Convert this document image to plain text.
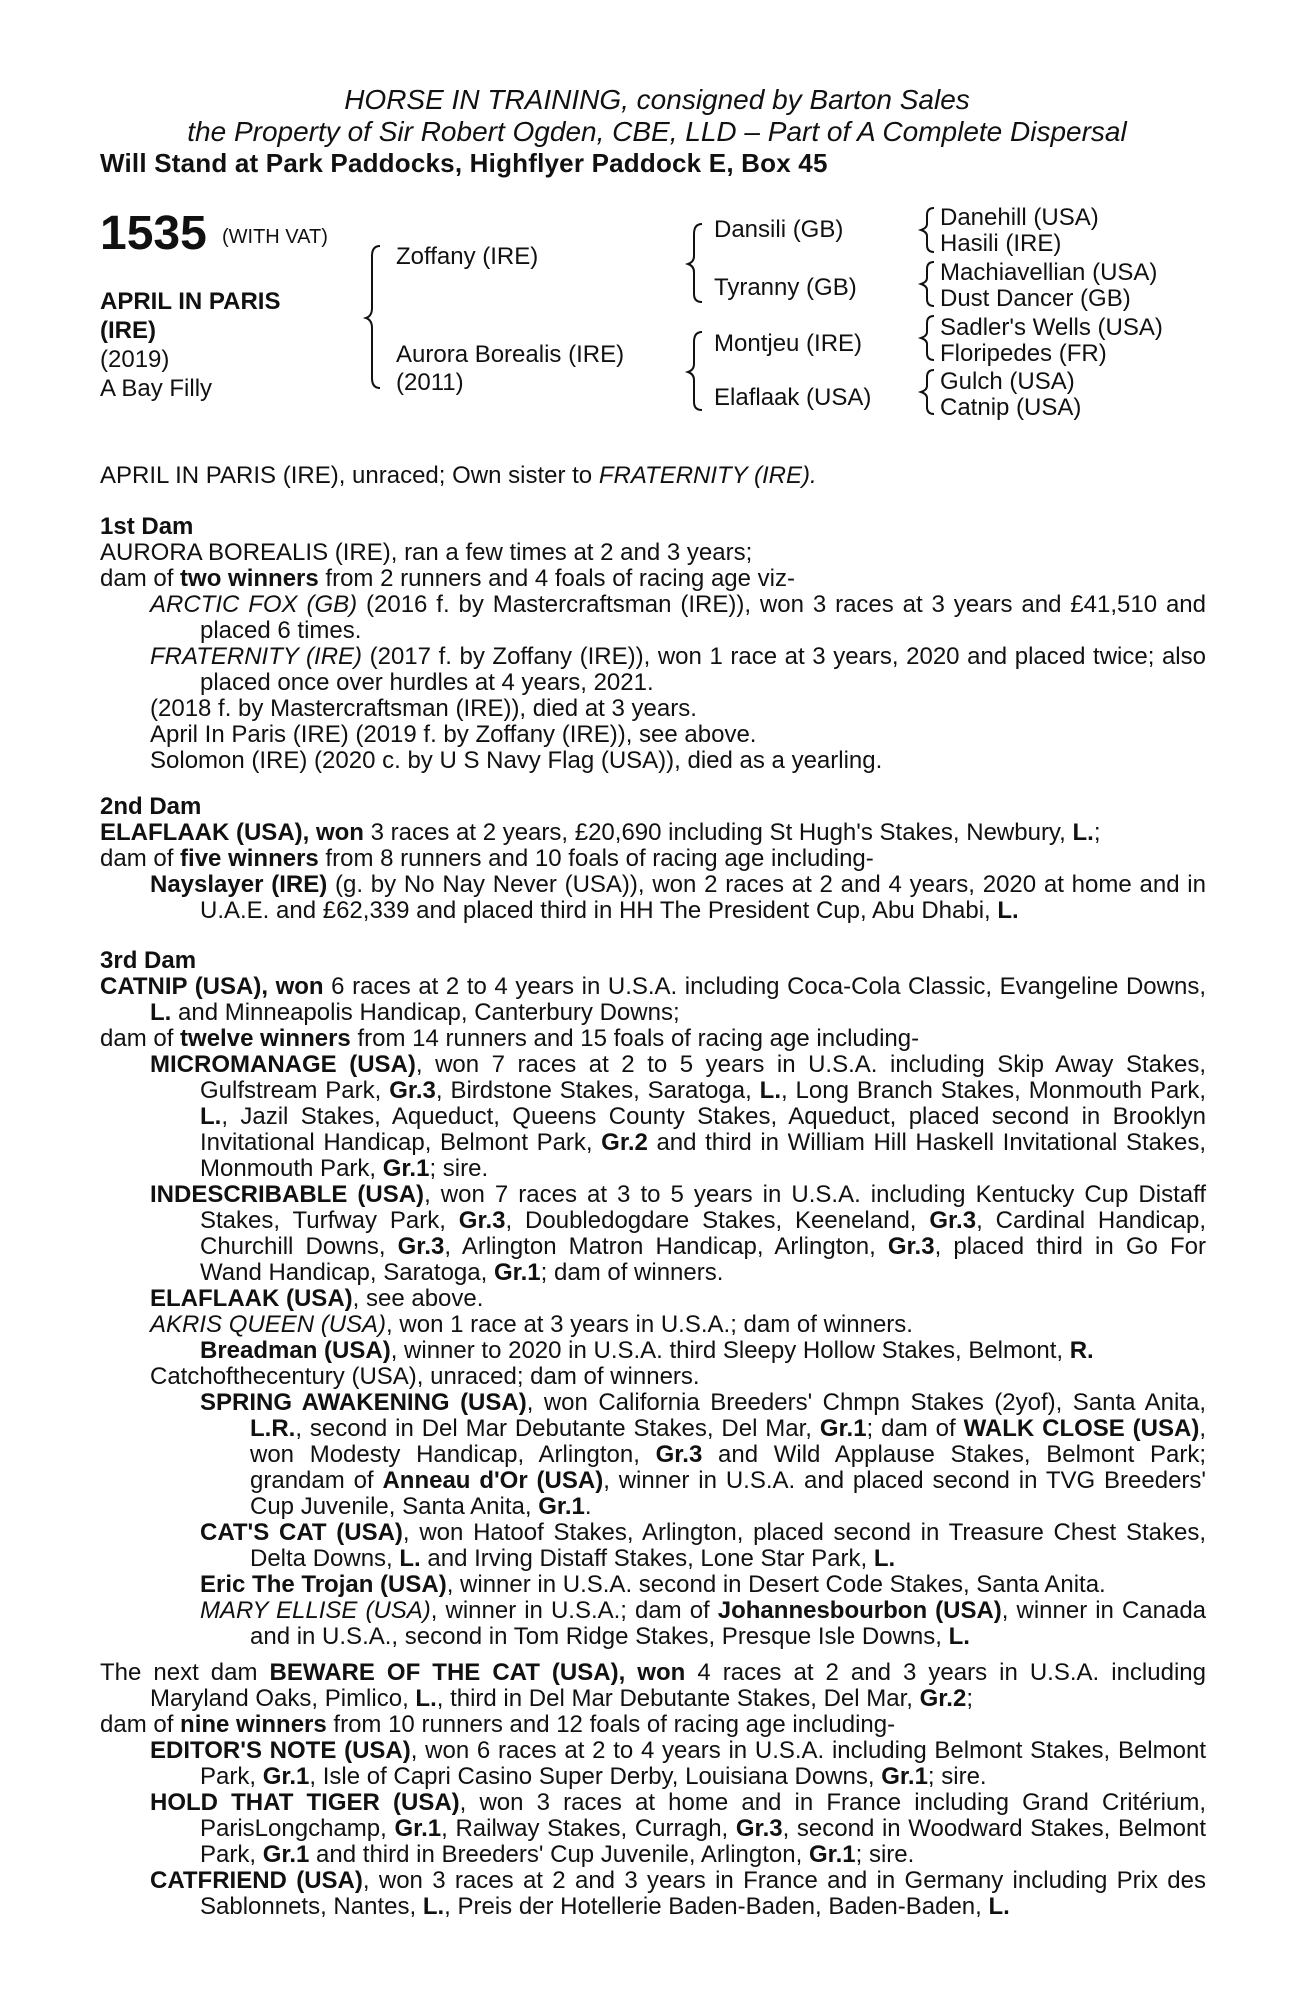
HORSE IN TRAINING, consigned by Barton Sales
the Property of Sir Robert Ogden, CBE, LLD – Part of A Complete Dispersal
Will Stand at Park Paddocks, Highflyer Paddock E, Box 45
1535 (WITH VAT)
APRIL IN PARIS
(IRE)
(2019)
A Bay Filly
Zoffany (IRE)
Aurora Borealis (IRE)
(2011)
Dansili (GB)
Tyranny (GB)
Montjeu (IRE)
Elaflaak (USA)
Danehill (USA)
Hasili (IRE)
Machiavellian (USA)
Dust Dancer (GB)
Sadler's Wells (USA)
Floripedes (FR)
Gulch (USA)
Catnip (USA)

APRIL IN PARIS (IRE), unraced; Own sister to FRATERNITY (IRE).

1st Dam

AURORA BOREALIS (IRE), ran a few times at 2 and 3 years;

dam of two winners from 2 runners and 4 foals of racing age viz-

ARCTIC FOX (GB) (2016 f. by Mastercraftsman (IRE)), won 3 races at 3 years and £41,510 and placed 6 times.

FRATERNITY (IRE) (2017 f. by Zoffany (IRE)), won 1 race at 3 years, 2020 and placed twice; also placed once over hurdles at 4 years, 2021.

(2018 f. by Mastercraftsman (IRE)), died at 3 years.

April In Paris (IRE) (2019 f. by Zoffany (IRE)), see above.

Solomon (IRE) (2020 c. by U S Navy Flag (USA)), died as a yearling.

2nd Dam

ELAFLAAK (USA), won 3 races at 2 years, £20,690 including St Hugh's Stakes, Newbury, L.;

dam of five winners from 8 runners and 10 foals of racing age including-

Nayslayer (IRE) (g. by No Nay Never (USA)), won 2 races at 2 and 4 years, 2020 at home and in U.A.E. and £62,339 and placed third in HH The President Cup, Abu Dhabi, L.

3rd Dam

CATNIP (USA), won 6 races at 2 to 4 years in U.S.A. including Coca-Cola Classic, Evangeline Downs, L. and Minneapolis Handicap, Canterbury Downs;

dam of twelve winners from 14 runners and 15 foals of racing age including-

MICROMANAGE (USA), won 7 races at 2 to 5 years in U.S.A. including Skip Away Stakes, Gulfstream Park, Gr.3, Birdstone Stakes, Saratoga, L., Long Branch Stakes, Monmouth Park, L., Jazil Stakes, Aqueduct, Queens County Stakes, Aqueduct, placed second in Brooklyn Invitational Handicap, Belmont Park, Gr.2 and third in William Hill Haskell Invitational Stakes, Monmouth Park, Gr.1; sire.

INDESCRIBABLE (USA), won 7 races at 3 to 5 years in U.S.A. including Kentucky Cup Distaff Stakes, Turfway Park, Gr.3, Doubledogdare Stakes, Keeneland, Gr.3, Cardinal Handicap, Churchill Downs, Gr.3, Arlington Matron Handicap, Arlington, Gr.3, placed third in Go For Wand Handicap, Saratoga, Gr.1; dam of winners.

ELAFLAAK (USA), see above.

AKRIS QUEEN (USA), won 1 race at 3 years in U.S.A.; dam of winners.

Breadman (USA), winner to 2020 in U.S.A. third Sleepy Hollow Stakes, Belmont, R.

Catchofthecentury (USA), unraced; dam of winners.

SPRING AWAKENING (USA), won California Breeders' Chmpn Stakes (2yof), Santa Anita, L.R., second in Del Mar Debutante Stakes, Del Mar, Gr.1; dam of WALK CLOSE (USA), won Modesty Handicap, Arlington, Gr.3 and Wild Applause Stakes, Belmont Park; grandam of Anneau d'Or (USA), winner in U.S.A. and placed second in TVG Breeders' Cup Juvenile, Santa Anita, Gr.1.

CAT'S CAT (USA), won Hatoof Stakes, Arlington, placed second in Treasure Chest Stakes, Delta Downs, L. and Irving Distaff Stakes, Lone Star Park, L.

Eric The Trojan (USA), winner in U.S.A. second in Desert Code Stakes, Santa Anita.

MARY ELLISE (USA), winner in U.S.A.; dam of Johannesbourbon (USA), winner in Canada and in U.S.A., second in Tom Ridge Stakes, Presque Isle Downs, L.

The next dam BEWARE OF THE CAT (USA), won 4 races at 2 and 3 years in U.S.A. including Maryland Oaks, Pimlico, L., third in Del Mar Debutante Stakes, Del Mar, Gr.2;

dam of nine winners from 10 runners and 12 foals of racing age including-

EDITOR'S NOTE (USA), won 6 races at 2 to 4 years in U.S.A. including Belmont Stakes, Belmont Park, Gr.1, Isle of Capri Casino Super Derby, Louisiana Downs, Gr.1; sire.

HOLD THAT TIGER (USA), won 3 races at home and in France including Grand Critérium, ParisLongchamp, Gr.1, Railway Stakes, Curragh, Gr.3, second in Woodward Stakes, Belmont Park, Gr.1 and third in Breeders' Cup Juvenile, Arlington, Gr.1; sire.

CATFRIEND (USA), won 3 races at 2 and 3 years in France and in Germany including Prix des Sablonnets, Nantes, L., Preis der Hotellerie Baden-Baden, Baden-Baden, L.
